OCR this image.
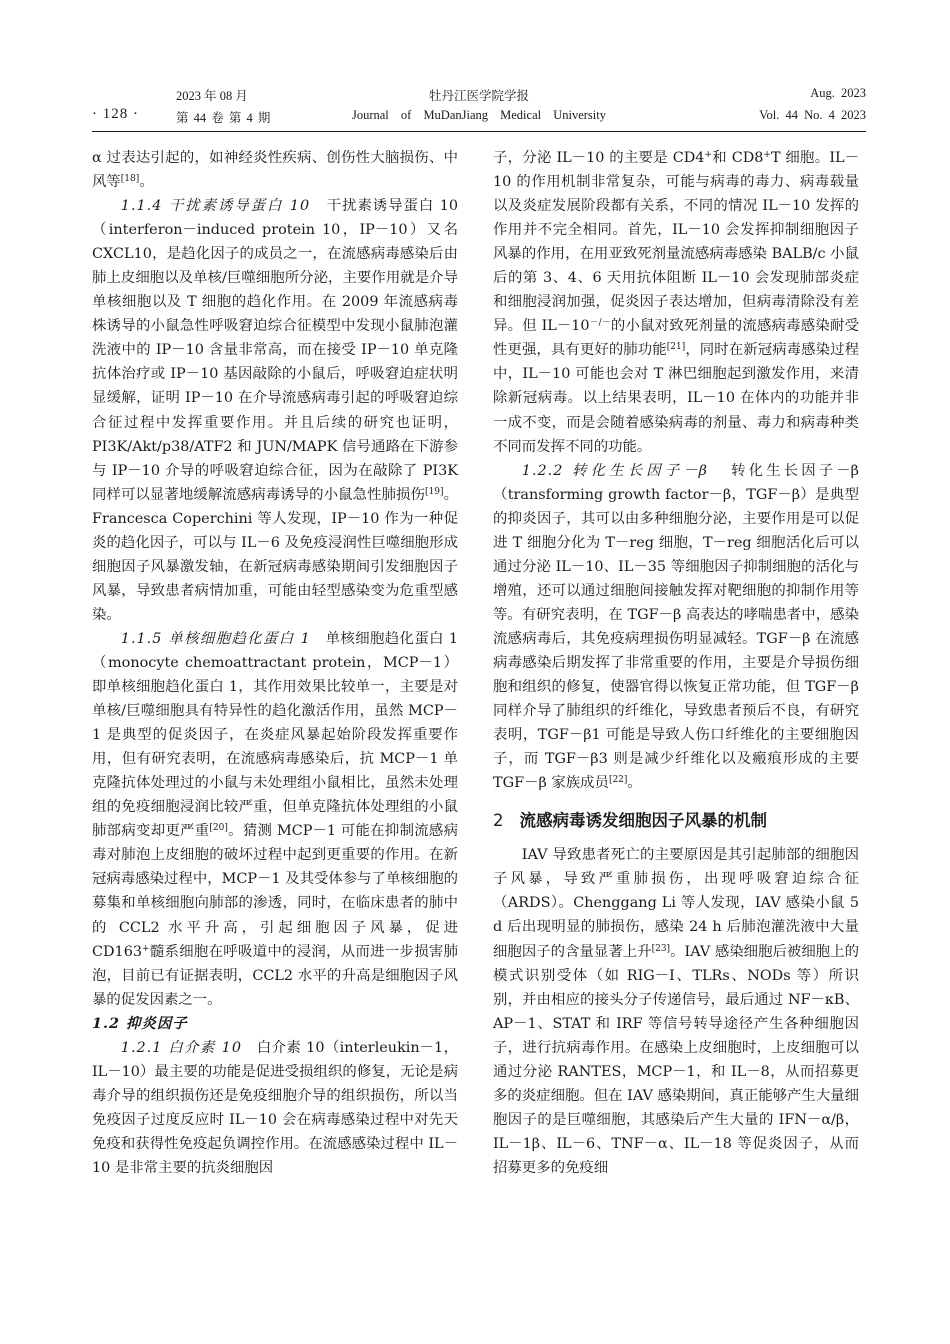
· 128 ·
2023 年 08 月
第 44 卷 第 4 期
牡丹江医学院学报
Journal of MuDanJiang Medical University
Aug. 2023
Vol. 44 No. 4 2023

α 过表达引起的，如神经炎性疾病、创伤性大脑损伤、中风等[18]。

1.1.4 干扰素诱导蛋白 10 干扰素诱导蛋白 10（interferon－induced protein 10，IP－10）又名 CXCL10，是趋化因子的成员之一，在流感病毒感染后由肺上皮细胞以及单核/巨噬细胞所分泌，主要作用就是介导单核细胞以及 T 细胞的趋化作用。在 2009 年流感病毒株诱导的小鼠急性呼吸窘迫综合征模型中发现小鼠肺泡灌洗液中的 IP－10 含量非常高，而在接受 IP－10 单克隆抗体治疗或 IP－10 基因敲除的小鼠后，呼吸窘迫症状明显缓解，证明 IP－10 在介导流感病毒引起的呼吸窘迫综合征过程中发挥重要作用。并且后续的研究也证明，PI3K/Akt/p38/ATF2 和 JUN/MAPK 信号通路在下游参与 IP－10 介导的呼吸窘迫综合征，因为在敲除了 PI3K 同样可以显著地缓解流感病毒诱导的小鼠急性肺损伤[19]。Francesca Coperchini 等人发现，IP－10 作为一种促炎的趋化因子，可以与 IL－6 及免疫浸润性巨噬细胞形成细胞因子风暴激发轴，在新冠病毒感染期间引发细胞因子风暴，导致患者病情加重，可能由轻型感染变为危重型感染。

1.1.5 单核细胞趋化蛋白 1 单核细胞趋化蛋白 1（monocyte chemoattractant protein，MCP－1）即单核细胞趋化蛋白 1，其作用效果比较单一，主要是对单核/巨噬细胞具有特异性的趋化激活作用，虽然 MCP－1 是典型的促炎因子，在炎症风暴起始阶段发挥重要作用，但有研究表明，在流感病毒感染后，抗 MCP－1 单克隆抗体处理过的小鼠与未处理组小鼠相比，虽然未处理组的免疫细胞浸润比较严重，但单克隆抗体处理组的小鼠肺部病变却更严重[20]。猜测 MCP－1 可能在抑制流感病毒对肺泡上皮细胞的破坏过程中起到更重要的作用。在新冠病毒感染过程中，MCP－1 及其受体参与了单核细胞的募集和单核细胞向肺部的渗透，同时，在临床患者的肺中的 CCL2 水平升高，引起细胞因子风暴，促进 CD163+髓系细胞在呼吸道中的浸润，从而进一步损害肺泡，目前已有证据表明，CCL2 水平的升高是细胞因子风暴的促发因素之一。

1.2 抑炎因子

1.2.1 白介素 10 白介素 10（interleukin－1，IL－10）最主要的功能是促进受损组织的修复，无论是病毒介导的组织损伤还是免疫细胞介导的组织损伤，所以当免疫因子过度反应时 IL－10 会在病毒感染过程中对先天免疫和获得性免疫起负调控作用。在流感感染过程中 IL－10 是非常主要的抗炎细胞因

子，分泌 IL－10 的主要是 CD4+和 CD8+T 细胞。IL－10 的作用机制非常复杂，可能与病毒的毒力、病毒载量以及炎症发展阶段都有关系，不同的情况 IL－10 发挥的作用并不完全相同。首先，IL－10 会发挥抑制细胞因子风暴的作用，在用亚致死剂量流感病毒感染 BALB/c 小鼠后的第 3、4、6 天用抗体阻断 IL－10 会发现肺部炎症和细胞浸润加强，促炎因子表达增加，但病毒清除没有差异。但 IL－10－/－的小鼠对致死剂量的流感病毒感染耐受性更强，具有更好的肺功能[21]，同时在新冠病毒感染过程中，IL－10 可能也会对 T 淋巴细胞起到激发作用，来清除新冠病毒。以上结果表明，IL－10 在体内的功能并非一成不变，而是会随着感染病毒的剂量、毒力和病毒种类不同而发挥不同的功能。

1.2.2 转化生长因子－β 转化生长因子－β（transforming growth factor－β，TGF－β）是典型的抑炎因子，其可以由多种细胞分泌，主要作用是可以促进 T 细胞分化为 T－reg 细胞，T－reg 细胞活化后可以通过分泌 IL－10、IL－35 等细胞因子抑制细胞的活化与增殖，还可以通过细胞间接触发挥对靶细胞的抑制作用等等。有研究表明，在 TGF－β 高表达的哮喘患者中，感染流感病毒后，其免疫病理损伤明显减轻。TGF－β 在流感病毒感染后期发挥了非常重要的作用，主要是介导损伤细胞和组织的修复，使器官得以恢复正常功能，但 TGF－β 同样介导了肺组织的纤维化，导致患者预后不良，有研究表明，TGF－β1 可能是导致人伤口纤维化的主要细胞因子，而 TGF－β3 则是减少纤维化以及瘢痕形成的主要 TGF－β 家族成员[22]。

2 流感病毒诱发细胞因子风暴的机制

IAV 导致患者死亡的主要原因是其引起肺部的细胞因子风暴，导致严重肺损伤，出现呼吸窘迫综合征（ARDS）。Chenggang Li 等人发现，IAV 感染小鼠 5 d 后出现明显的肺损伤，感染 24 h 后肺泡灌洗液中大量细胞因子的含量显著上升[23]。IAV 感染细胞后被细胞上的模式识别受体（如 RIG－I、TLRs、NODs 等）所识别，并由相应的接头分子传递信号，最后通过 NF－κB、AP－1、STAT 和 IRF 等信号转导途径产生各种细胞因子，进行抗病毒作用。在感染上皮细胞时，上皮细胞可以通过分泌 RANTES，MCP－1，和 IL－8，从而招募更多的炎症细胞。但在 IAV 感染期间，真正能够产生大量细胞因子的是巨噬细胞，其感染后产生大量的 IFN－α/β，IL－1β、IL－6、TNF－α、IL－18 等促炎因子，从而招募更多的免疫细
